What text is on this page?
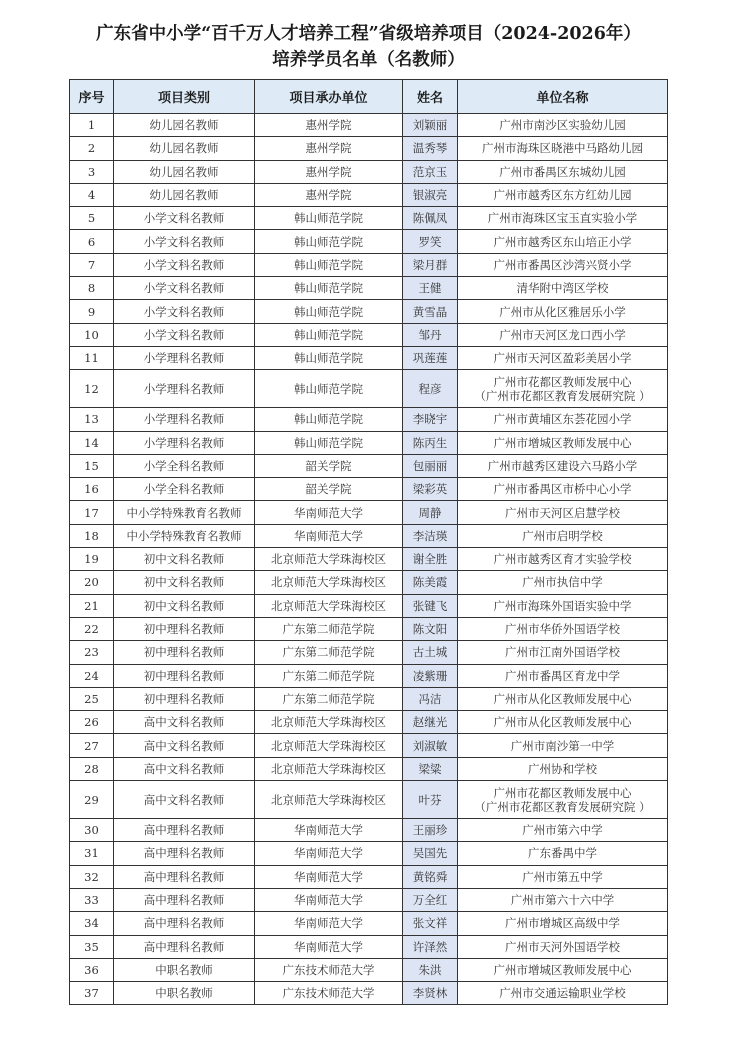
广东省中小学“百千万人才培养工程”省级培养项目（2024-2026年）
培养学员名单（名教师）
序号	项目类别	项目承办单位	姓名	单位名称
1	幼儿园名教师	惠州学院	刘颖丽	广州市南沙区实验幼儿园
2	幼儿园名教师	惠州学院	温秀琴	广州市海珠区晓港中马路幼儿园
3	幼儿园名教师	惠州学院	范京玉	广州市番禺区东城幼儿园
4	幼儿园名教师	惠州学院	银淑亮	广州市越秀区东方红幼儿园
5	小学文科名教师	韩山师范学院	陈佩凤	广州市海珠区宝玉直实验小学
6	小学文科名教师	韩山师范学院	罗笑	广州市越秀区东山培正小学
7	小学文科名教师	韩山师范学院	梁月群	广州市番禺区沙湾兴贤小学
8	小学文科名教师	韩山师范学院	王健	清华附中湾区学校
9	小学文科名教师	韩山师范学院	黄雪晶	广州市从化区雅居乐小学
10	小学文科名教师	韩山师范学院	邹丹	广州市天河区龙口西小学
11	小学理科名教师	韩山师范学院	巩莲莲	广州市天河区盈彩美居小学
12	小学理科名教师	韩山师范学院	程彦	广州市花都区教师发展中心
（广州市花都区教育发展研究院 ）

13	小学理科名教师	韩山师范学院	李晓宇	广州市黄埔区东荟花园小学
14	小学理科名教师	韩山师范学院	陈丙生	广州市增城区教师发展中心
15	小学全科名教师	韶关学院	包丽丽	广州市越秀区建设六马路小学
16	小学全科名教师	韶关学院	梁彩英	广州市番禺区市桥中心小学
17	中小学特殊教育名教师	华南师范大学	周静	广州市天河区启慧学校
18	中小学特殊教育名教师	华南师范大学	李洁瑛	广州市启明学校
19	初中文科名教师	北京师范大学珠海校区	谢全胜	广州市越秀区育才实验学校
20	初中文科名教师	北京师范大学珠海校区	陈美霞	广州市执信中学
21	初中文科名教师	北京师范大学珠海校区	张键飞	广州市海珠外国语实验中学
22	初中理科名教师	广东第二师范学院	陈文阳	广州市华侨外国语学校
23	初中理科名教师	广东第二师范学院	古土城	广州市江南外国语学校
24	初中理科名教师	广东第二师范学院	凌紫珊	广州市番禺区育龙中学
25	初中理科名教师	广东第二师范学院	冯洁	广州市从化区教师发展中心
26	高中文科名教师	北京师范大学珠海校区	赵继光	广州市从化区教师发展中心
27	高中文科名教师	北京师范大学珠海校区	刘淑敏	广州市南沙第一中学
28	高中文科名教师	北京师范大学珠海校区	梁粱	广州协和学校
29	高中文科名教师	北京师范大学珠海校区	叶芬	广州市花都区教师发展中心
（广州市花都区教育发展研究院 ）

30	高中理科名教师	华南师范大学	王丽珍	广州市第六中学
31	高中理科名教师	华南师范大学	吴国先	广东番禺中学
32	高中理科名教师	华南师范大学	黄铭舜	广州市第五中学
33	高中理科名教师	华南师范大学	万全红	广州市第六十六中学
34	高中理科名教师	华南师范大学	张文祥	广州市增城区高级中学
35	高中理科名教师	华南师范大学	许泽然	广州市天河外国语学校
36	中职名教师	广东技术师范大学	朱洪	广州市增城区教师发展中心
37	中职名教师	广东技术师范大学	李贤林	广州市交通运输职业学校
